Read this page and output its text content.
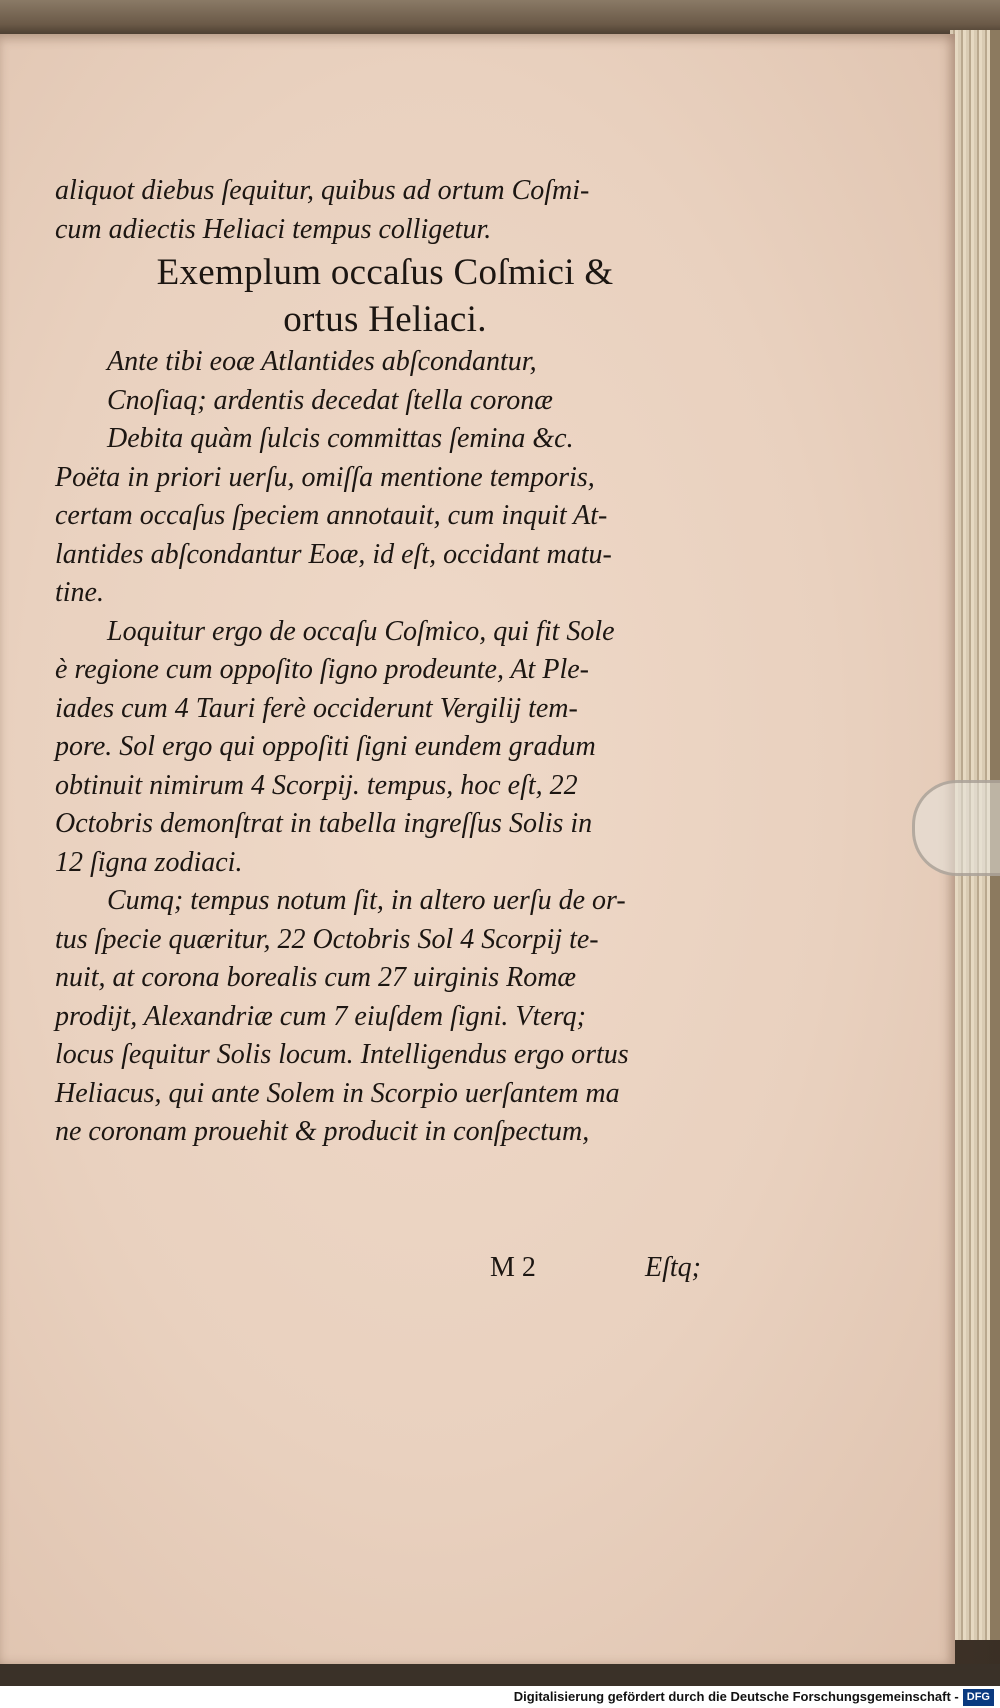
aliquot diebus ſequitur, quibus ad ortum Coſmi-
cum adiectis Heliaci tempus colligetur.
Exemplum occaſus Coſmici &
ortus Heliaci.
Ante tibi eoæ Atlantides abſcondantur,
Cnoſiaq; ardentis decedat ſtella coronæ
Debita quàm ſulcis committas ſemina &c.
Poëta in priori uerſu, omiſſa mentione temporis,
certam occaſus ſpeciem annotauit, cum inquit At-
lantides abſcondantur Eoæ, id eſt, occidant matu-
tine.
Loquitur ergo de occaſu Coſmico, qui fit Sole
è regione cum oppoſito ſigno prodeunte, At Ple-
iades cum 4 Tauri ferè occiderunt Vergilij tem-
pore. Sol ergo qui oppoſiti ſigni eundem gradum
obtinuit nimirum 4 Scorpij. tempus, hoc eſt, 22
Octobris demonſtrat in tabella ingreſſus Solis in
12 ſigna zodiaci.
Cumq; tempus notum ſit, in altero uerſu de or-
tus ſpecie quæritur, 22 Octobris Sol 4 Scorpij te-
nuit, at corona borealis cum 27 uirginis Romæ
prodijt, Alexandriæ cum 7 eiuſdem ſigni. Vterq;
locus ſequitur Solis locum. Intelligendus ergo ortus
Heliacus, qui ante Solem in Scorpio uerſantem ma
ne coronam prouehit & producit in conſpectum,
M 2	Eſtq;
Digitalisierung gefördert durch die Deutsche Forschungsgemeinschaft - DFG
